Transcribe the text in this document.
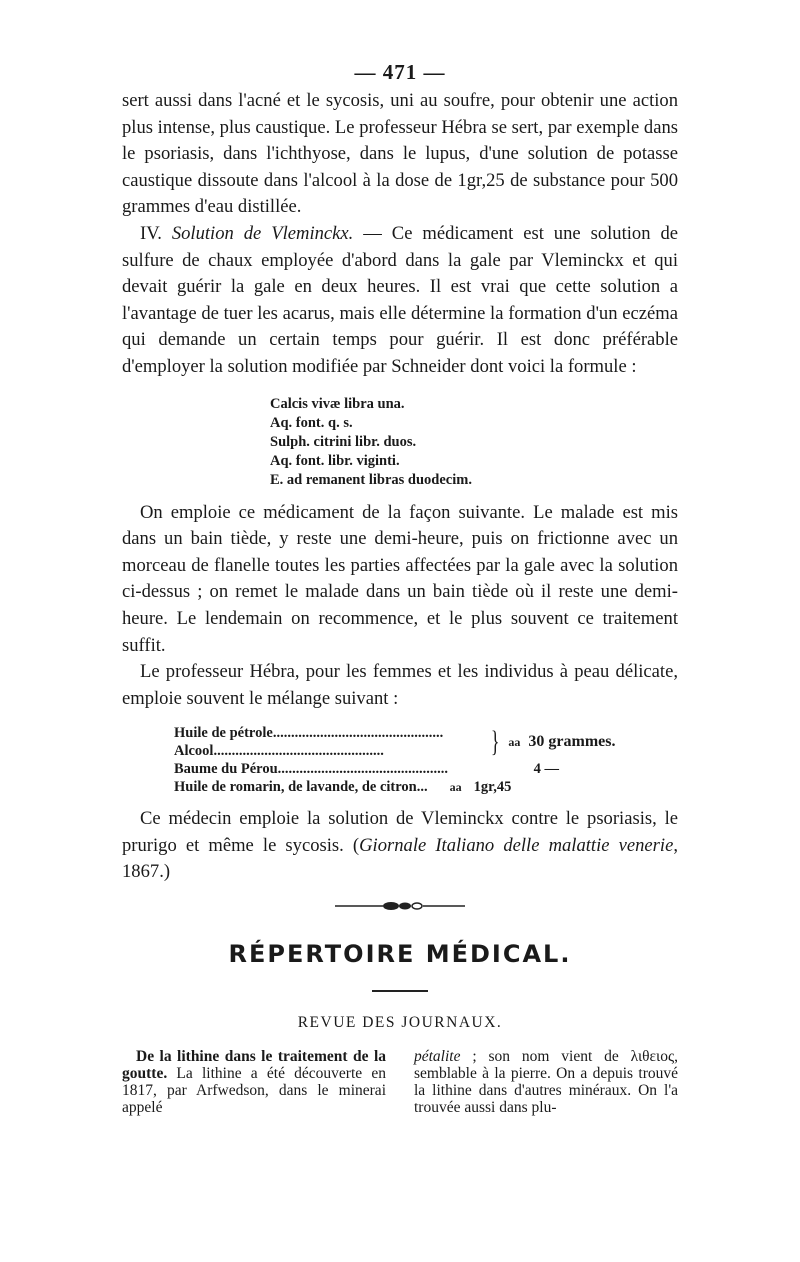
— 471 —

sert aussi dans l'acné et le sycosis, uni au soufre, pour obtenir une action plus intense, plus caustique. Le professeur Hébra se sert, par exemple dans le psoriasis, dans l'ichthyose, dans le lupus, d'une solution de potasse caustique dissoute dans l'alcool à la dose de 1gr,25 de substance pour 500 grammes d'eau distillée.

IV. Solution de Vleminckx. — Ce médicament est une solution de sulfure de chaux employée d'abord dans la gale par Vleminckx et qui devait guérir la gale en deux heures. Il est vrai que cette solution a l'avantage de tuer les acarus, mais elle détermine la formation d'un eczéma qui demande un certain temps pour guérir. Il est donc préférable d'employer la solution modifiée par Schneider dont voici la formule :

Calcis vivæ libra una.
Aq. font. q. s.
Sulph. citrini libr. duos.
Aq. font. libr. viginti.
E. ad remanent libras duodecim.

On emploie ce médicament de la façon suivante. Le malade est mis dans un bain tiède, y reste une demi-heure, puis on frictionne avec un morceau de flanelle toutes les parties affectées par la gale avec la solution ci-dessus ; on remet le malade dans un bain tiède où il reste une demi-heure. Le lendemain on recommence, et le plus souvent ce traitement suffit.

Le professeur Hébra, pour les femmes et les individus à peau délicate, emploie souvent le mélange suivant :

Huile de pétrole ...............................................
Alcool ...............................................	} aa 30 grammes.
Baume du Pérou ...............................................	4 —
Huile de romarin, de lavande, de citron... aa 1gr,45

Ce médecin emploie la solution de Vleminckx contre le psoriasis, le prurigo et même le sycosis. (Giornale Italiano delle malattie veneriе, 1867.)

RÉPERTOIRE MÉDICAL.
REVUE DES JOURNAUX.
De la lithine dans le traitement de la goutte. La lithine a été découverte en 1817, par Arfwedson, dans le minerai appelé
pétalite ; son nom vient de λιθειος, semblable à la pierre. On a depuis trouvé la lithine dans d'autres minéraux. On l'a trouvée aussi dans plu-
